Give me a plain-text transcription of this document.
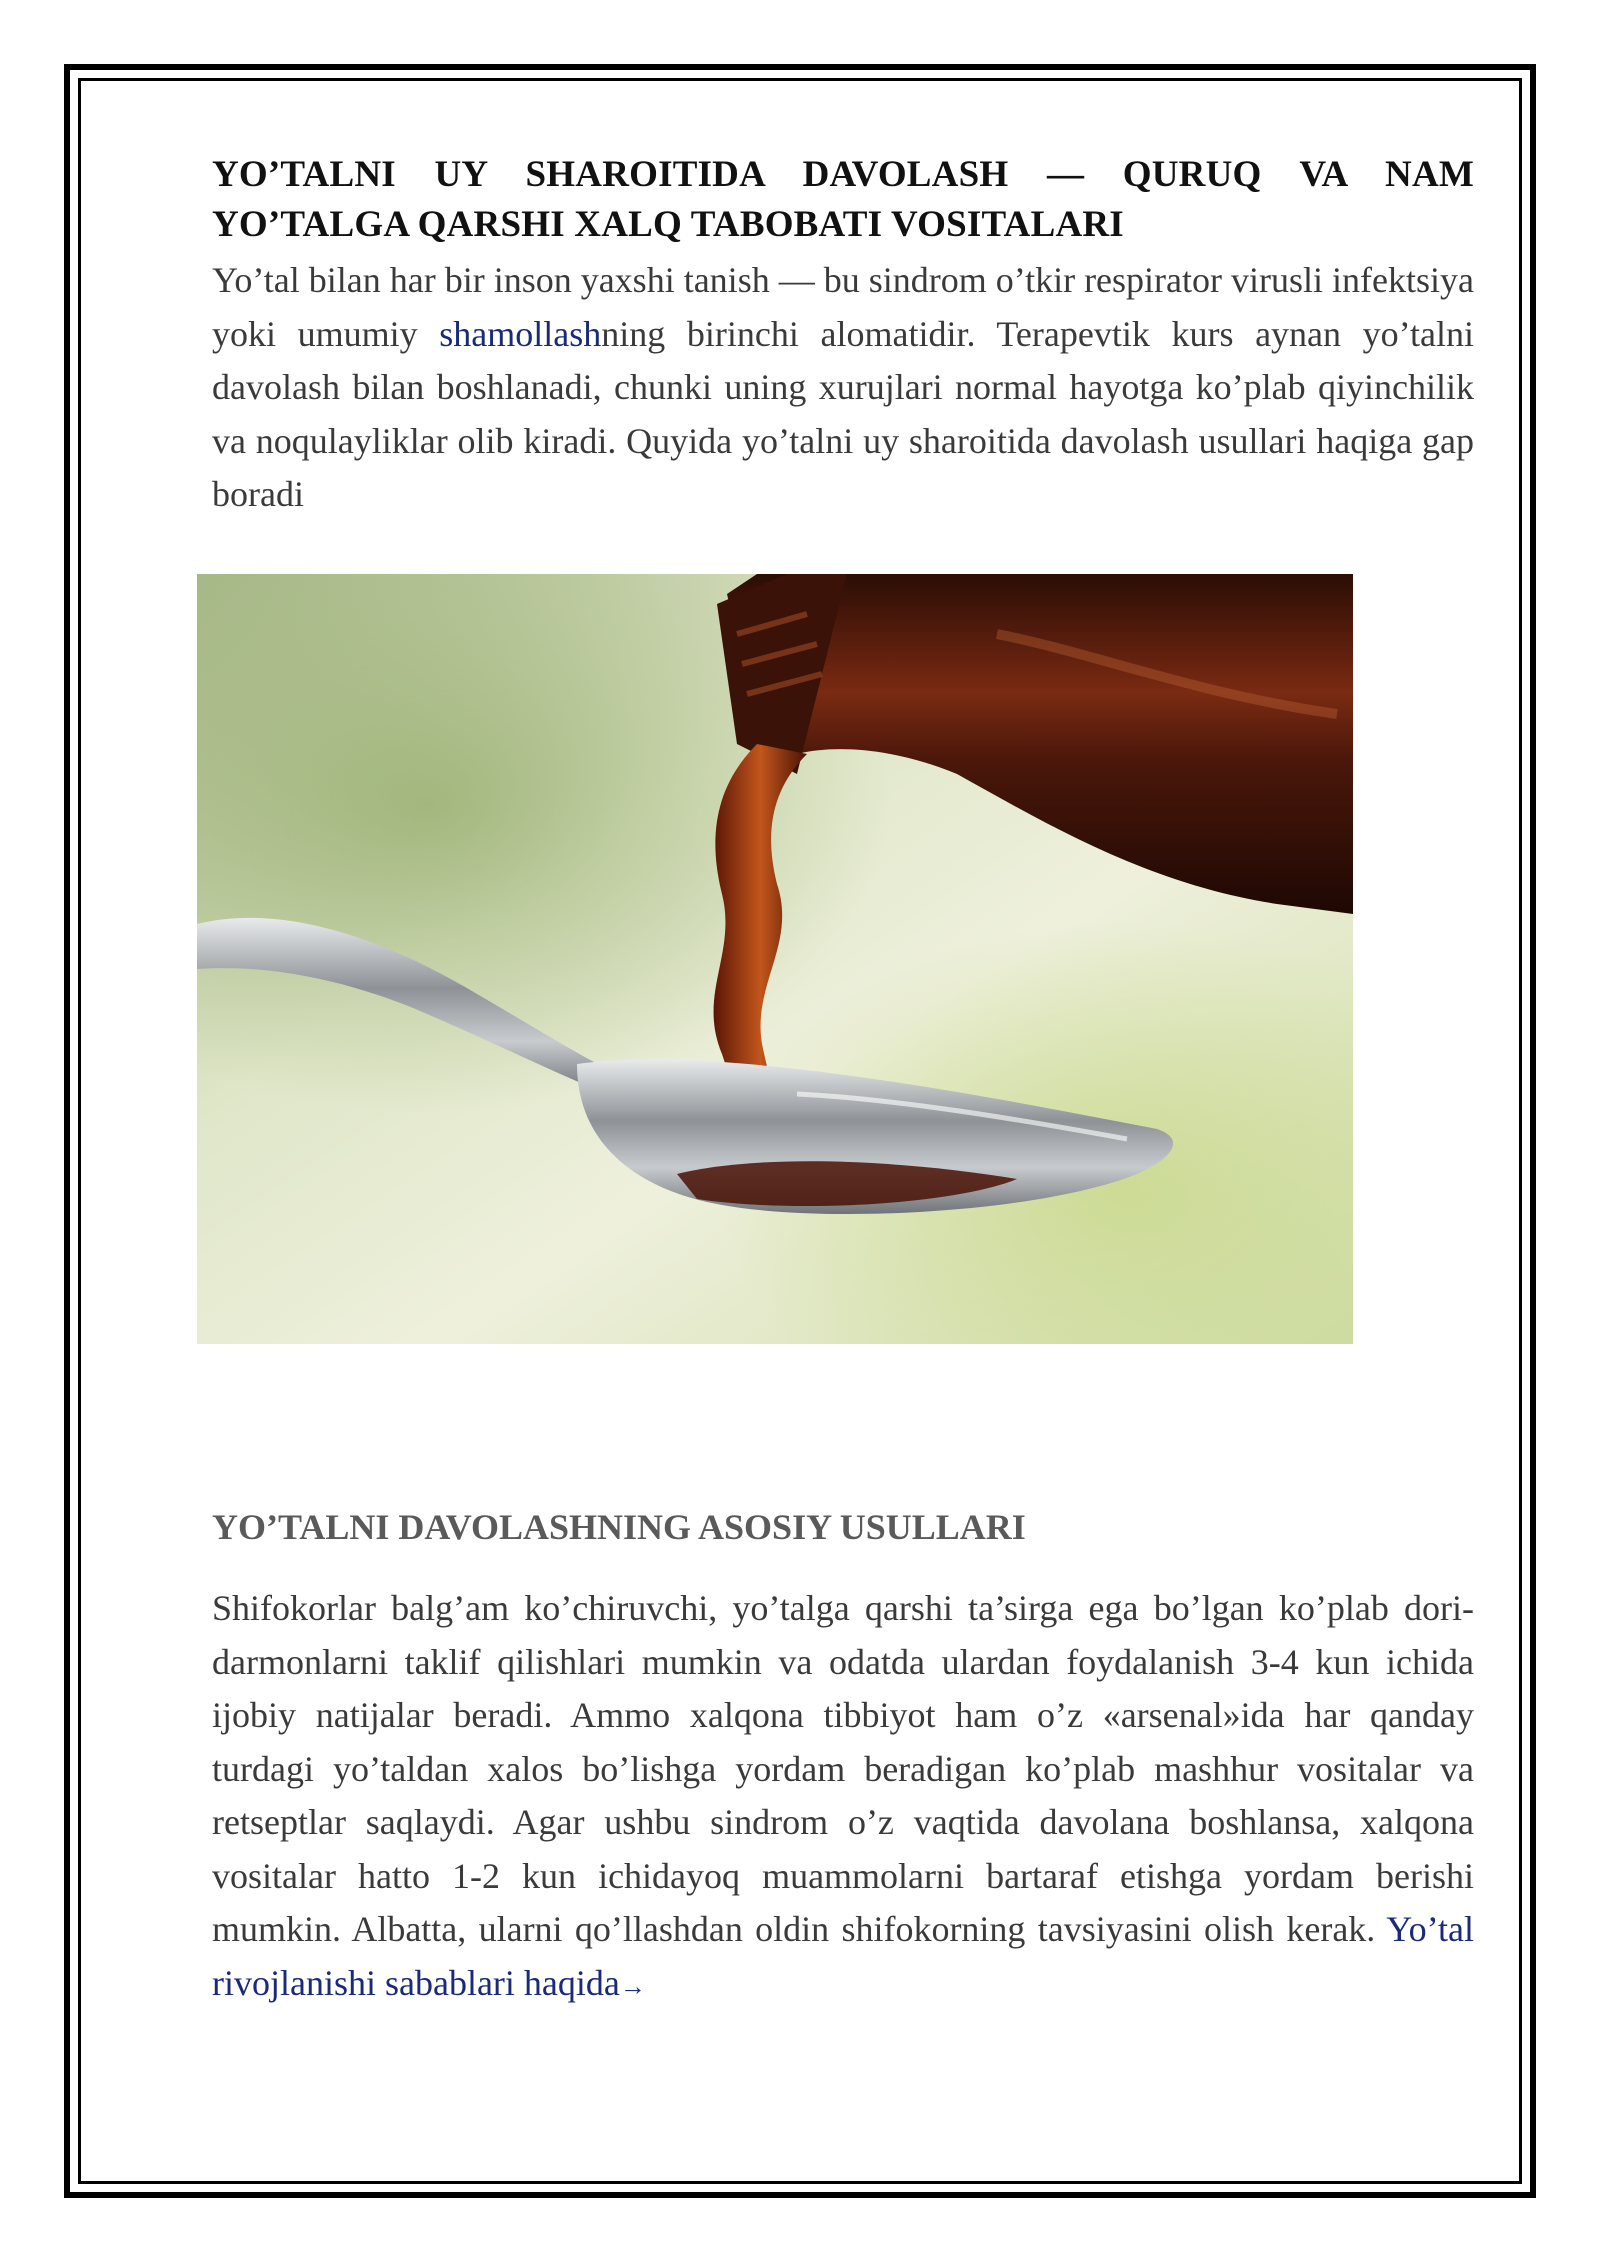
YO’TALNI UY SHAROITIDA DAVOLASH — QURUQ VA NAM YO’TALGA QARSHI XALQ TABOBATI VOSITALARI

Yo’tal bilan har bir inson yaxshi tanish — bu sindrom o’tkir respirator virusli infektsiya yoki umumiy shamollashning birinchi alomatidir. Terapevtik kurs aynan yo’talni davolash bilan boshlanadi, chunki uning xurujlari normal hayotga ko’plab qiyinchilik va noqulayliklar olib kiradi. Quyida yo’talni uy sharoitida davolash usullari haqiga gap boradi

YO’TALNI DAVOLASHNING ASOSIY USULLARI

Shifokorlar balg’am ko’chiruvchi, yo’talga qarshi ta’sirga ega bo’lgan ko’plab dori-darmonlarni taklif qilishlari mumkin va odatda ulardan foydalanish 3-4 kun ichida ijobiy natijalar beradi. Ammo xalqona tibbiyot ham o’z «arsenal»ida har qanday turdagi yo’taldan xalos bo’lishga yordam beradigan ko’plab mashhur vositalar va retseptlar saqlaydi. Agar ushbu sindrom o’z vaqtida davolana boshlansa, xalqona vositalar hatto 1-2 kun ichidayoq muammolarni bartaraf etishga yordam berishi mumkin. Albatta, ularni qo’llashdan oldin shifokorning tavsiyasini olish kerak. Yo’tal rivojlanishi sabablari haqida→
